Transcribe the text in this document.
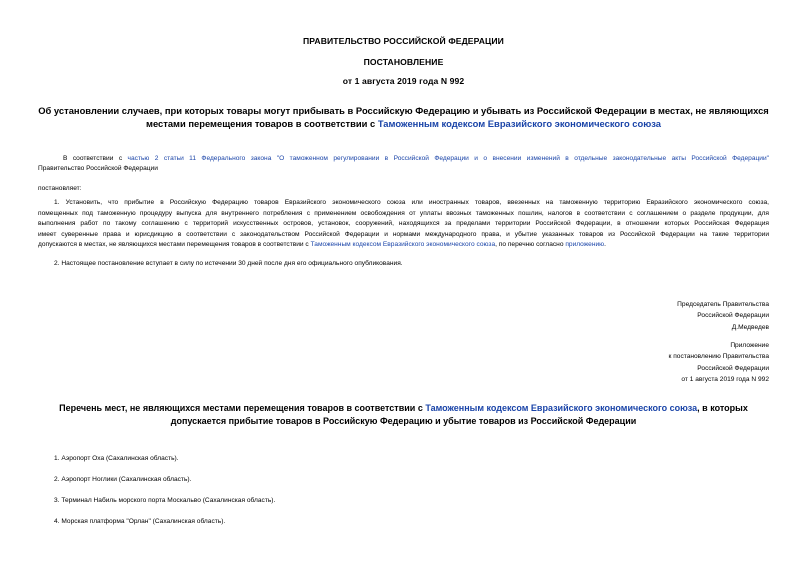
ПРАВИТЕЛЬСТВО РОССИЙСКОЙ ФЕДЕРАЦИИ
ПОСТАНОВЛЕНИЕ
от 1 августа 2019 года N 992
Об установлении случаев, при которых товары могут прибывать в Российскую Федерацию и убывать из Российской Федерации в местах, не являющихся
местами перемещения товаров в соответствии с Таможенным кодексом Евразийского экономического союза
В соответствии с частью 2 статьи 11 Федерального закона "О таможенном регулировании в Российской Федерации и о внесении изменений в отдельные законодательные акты Российской Федерации"
Правительство Российской Федерации
постановляет:
1. Установить, что прибытие в Российскую Федерацию товаров Евразийского экономического союза или иностранных товаров, ввезенных на таможенную территорию Евразийского экономического союза,
помещенных под таможенную процедуру выпуска для внутреннего потребления с применением освобождения от уплаты ввозных таможенных пошлин, налогов в соответствии с соглашением о разделе продукции, для
выполнения работ по такому соглашению с территорий искусственных островов, установок, сооружений, находящихся за пределами территории Российской Федерации, в отношении которых Российская Федерация
имеет суверенные права и юрисдикцию в соответствии с законодательством Российской Федерации и нормами международного права, и убытие указанных товаров из Российской Федерации на такие территории
допускаются в местах, не являющихся местами перемещения товаров в соответствии с Таможенным кодексом Евразийского экономического союза, по перечню согласно приложению.
2. Настоящее постановление вступает в силу по истечении 30 дней после дня его официального опубликования.
Председатель Правительства
Российской Федерации
Д.Медведев
Приложение
к постановлению Правительства
Российской Федерации
от 1 августа 2019 года N 992
Перечень мест, не являющихся местами перемещения товаров в соответствии с Таможенным кодексом Евразийского экономического союза, в которых
допускается прибытие товаров в Российскую Федерацию и убытие товаров из Российской Федерации
1. Аэропорт Оха (Сахалинская область).
2. Аэропорт Ноглики (Сахалинская область).
3. Терминал Набиль морского порта Москальво (Сахалинская область).
4. Морская платформа "Орлан" (Сахалинская область).
